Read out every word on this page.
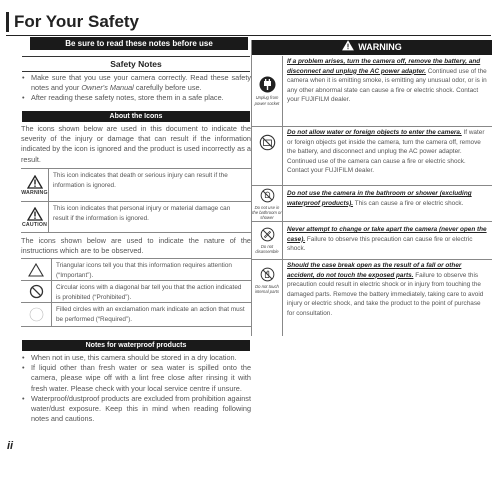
For Your Safety
Be sure to read these notes before use
Safety Notes
• Make sure that you use your camera correctly. Read these safety notes and your Owner's Manual carefully before use.
• After reading these safety notes, store them in a safe place.
About the Icons
The icons shown below are used in this document to indicate the severity of the injury or damage that can result if the information indicated by the icon is ignored and the product is used incorrectly as a result.
WARNING
This icon indicates that death or serious injury can result if the information is ignored.
CAUTION
This icon indicates that personal injury or material damage can result if the information is ignored.
The icons shown below are used to indicate the nature of the instructions which are to be observed.
Triangular icons tell you that this information requires attention (“Important”).
Circular icons with a diagonal bar tell you that the action indicated is prohibited (“Prohibited”).
Filled circles with an exclamation mark indicate an action that must be performed (“Required”).
Notes for waterproof products
• When not in use, this camera should be stored in a dry location.
• If liquid other than fresh water or sea water is spilled onto the camera, please wipe off with a lint free close after rinsing it with fresh water. Please check with your local service centre if unsure.
• Waterproof/dustproof products are excluded from prohibition against water/dust exposure. Keep this in mind when reading following notes and cautions.
ii
WARNING
Unplug from power socket
If a problem arises, turn the camera off, remove the battery, and disconnect and unplug the AC power adapter. Continued use of the camera when it is emitting smoke, is emitting any unusual odor, or is in any other abnormal state can cause a fire or electric shock. Contact your FUJIFILM dealer.
Do not allow water or foreign objects to enter the camera. If water or foreign objects get inside the camera, turn the camera off, remove the battery, and disconnect and unplug the AC power adapter. Continued use of the camera can cause a fire or electric shock. Contact your FUJIFILM dealer.
Do not use in the bathroom or shower
Do not use the camera in the bathroom or shower (excluding waterproof products). This can cause a fire or electric shock.
Do not disassemble
Never attempt to change or take apart the camera (never open the case). Failure to observe this precaution can cause fire or electric shock.
Do not touch internal parts
Should the case break open as the result of a fall or other accident, do not touch the exposed parts. Failure to observe this precaution could result in electric shock or in injury from touching the damaged parts. Remove the battery immediately, taking care to avoid injury or electric shock, and take the product to the point of purchase for consultation.
